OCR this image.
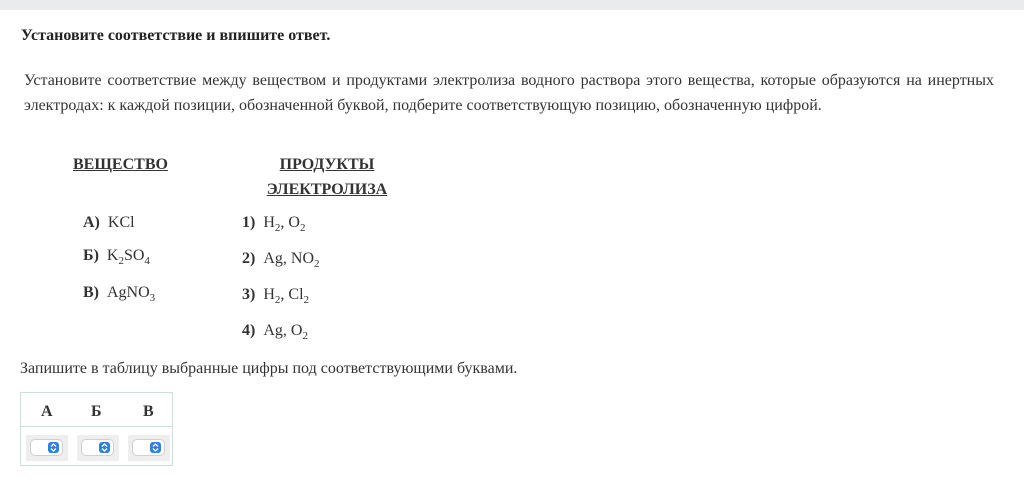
Установите соответствие и впишите ответ.
Установите соответствие между веществом и продуктами электролиза водного раствора этого вещества, которые образуются на инертных электродах: к каждой позиции, обозначенной буквой, подберите соответствующую позицию, обозначенную цифрой.
ВЕЩЕСТВО	ПРОДУКТЫ
ЭЛЕКТРОЛИЗА
А) KCl
Б) $K_2SO_4$
В) AgNO$_3$
1) $H_2$, $O_2$
2) Ag, $NO_2$
3) $H_2$, $Cl_2$
4) Ag, $O_2$
Запишите в таблицу выбранные цифры под соответствующими буквами.
А Б	В
